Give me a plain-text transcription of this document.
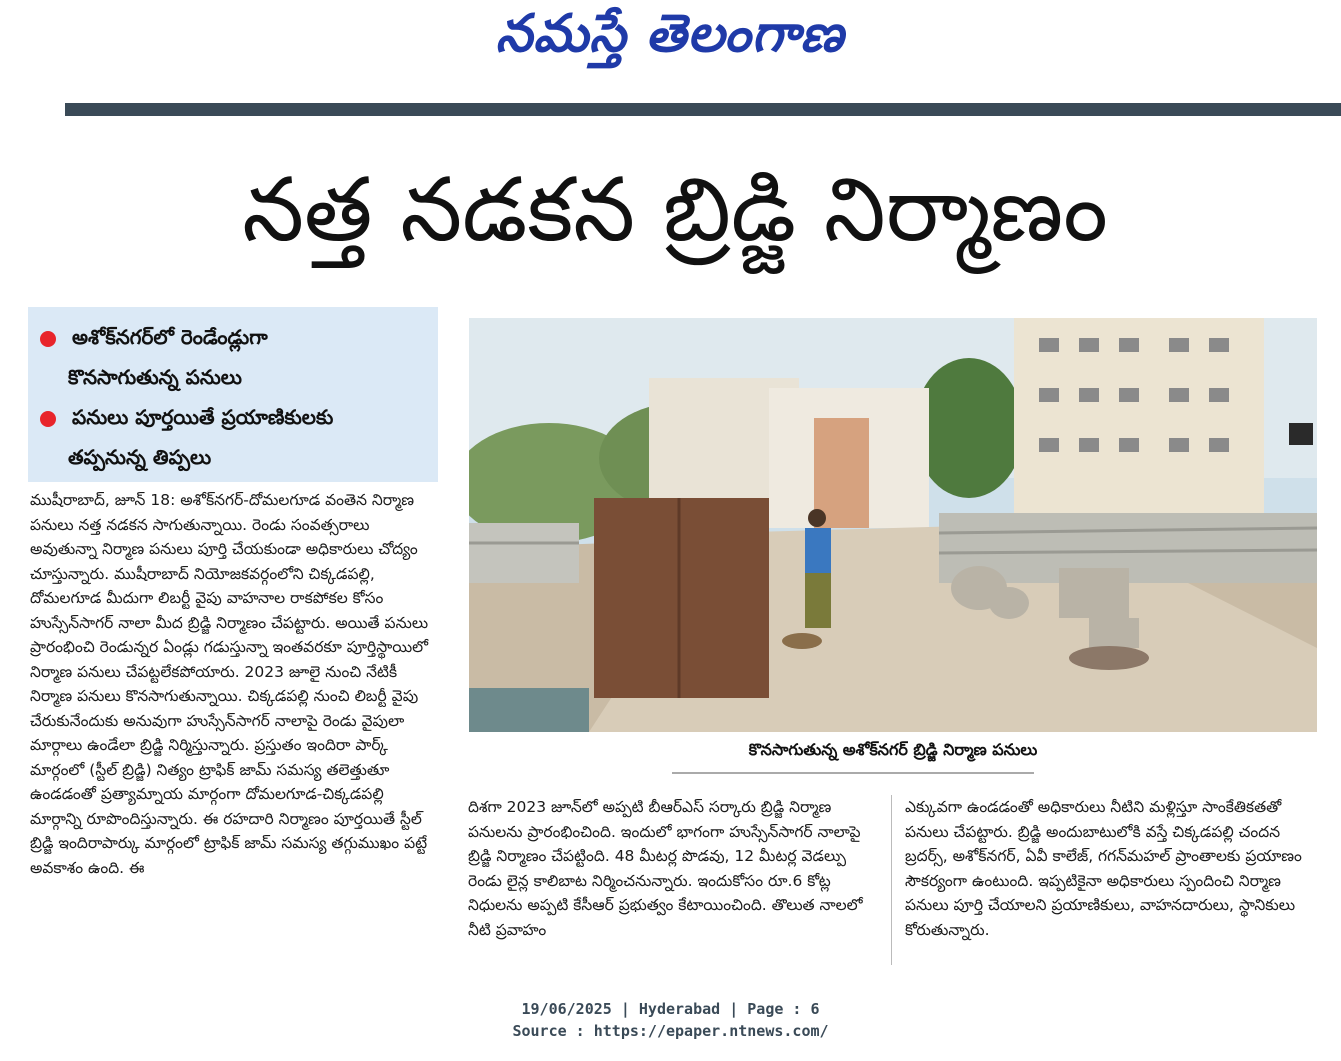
నమస్తే తెలంగాణ
నత్త నడకన బ్రిడ్జి నిర్మాణం
అశోక్‌నగర్‌లో రెండేండ్లుగా
కొనసాగుతున్న పనులు
పనులు పూర్తయితే ప్రయాణికులకు
తప్పనున్న తిప్పలు
ముషీరాబాద్, జూన్ 18: అశోక్‌నగర్-దోమలగూడ వంతెన నిర్మాణ పనులు నత్త నడకన సాగుతున్నాయి. రెండు సంవత్సరాలు అవుతున్నా నిర్మాణ పనులు పూర్తి చేయకుండా అధికారులు చోద్యం చూస్తున్నారు. ముషీరాబాద్ నియోజకవర్గంలోని చిక్కడపల్లి, దోమలగూడ మీదుగా లిబర్టీ వైపు వాహనాల రాకపోకల కోసం హుస్సేన్‌సాగర్ నాలా మీద బ్రిడ్జి నిర్మాణం చేపట్టారు. అయితే పనులు ప్రారంభించి రెండున్నర ఏండ్లు గడుస్తున్నా ఇంతవరకూ పూర్తిస్థాయిలో నిర్మాణ పనులు చేపట్టలేకపోయారు. 2023 జూలై నుంచి నేటికీ నిర్మాణ పనులు కొనసాగుతున్నాయి. చిక్కడపల్లి నుంచి లిబర్టీ వైపు చేరుకునేందుకు అనువుగా హుస్సేన్‌సాగర్ నాలాపై రెండు వైపులా మార్గాలు ఉండేలా బ్రిడ్జి నిర్మిస్తున్నారు. ప్రస్తుతం ఇందిరా పార్క్ మార్గంలో (స్టీల్ బ్రిడ్జి) నిత్యం ట్రాఫిక్ జామ్ సమస్య తలెత్తుతూ ఉండడంతో ప్రత్యామ్నాయ మార్గంగా దోమలగూడ-చిక్కడపల్లి మార్గాన్ని రూపొందిస్తున్నారు. ఈ రహదారి నిర్మాణం పూర్తయితే స్టీల్ బ్రిడ్జి ఇందిరాపార్కు మార్గంలో ట్రాఫిక్ జామ్ సమస్య తగ్గుముఖం పట్టే అవకాశం ఉంది. ఈ
కొనసాగుతున్న అశోక్‌నగర్ బ్రిడ్జి నిర్మాణ పనులు
దిశగా 2023 జూన్‌లో అప్పటి బీఆర్‌ఎస్ సర్కారు బ్రిడ్జి నిర్మాణ పనులను ప్రారంభించింది. ఇందులో భాగంగా హుస్సేన్‌సాగర్ నాలాపై బ్రిడ్జి నిర్మాణం చేపట్టింది. 48 మీటర్ల పొడవు, 12 మీటర్ల వెడల్పు రెండు లైన్ల కాలిబాట నిర్మించనున్నారు. ఇందుకోసం రూ.6 కోట్ల నిధులను అప్పటి కేసీఆర్ ప్రభుత్వం కేటాయించింది. తొలుత నాలలో నీటి ప్రవాహం
ఎక్కువగా ఉండడంతో అధికారులు నీటిని మళ్లిస్తూ సాంకేతికతతో పనులు చేపట్టారు. బ్రిడ్జి అందుబాటులోకి వస్తే చిక్కడపల్లి చందన బ్రదర్స్, అశోక్‌నగర్, ఏవీ కాలేజ్, గగన్‌మహల్ ప్రాంతాలకు ప్రయాణం సౌకర్యంగా ఉంటుంది. ఇప్పటికైనా అధికారులు స్పందించి నిర్మాణ పనులు పూర్తి చేయాలని ప్రయాణికులు, వాహనదారులు, స్థానికులు కోరుతున్నారు.
19/06/2025 | Hyderabad | Page : 6
Source : https://epaper.ntnews.com/
